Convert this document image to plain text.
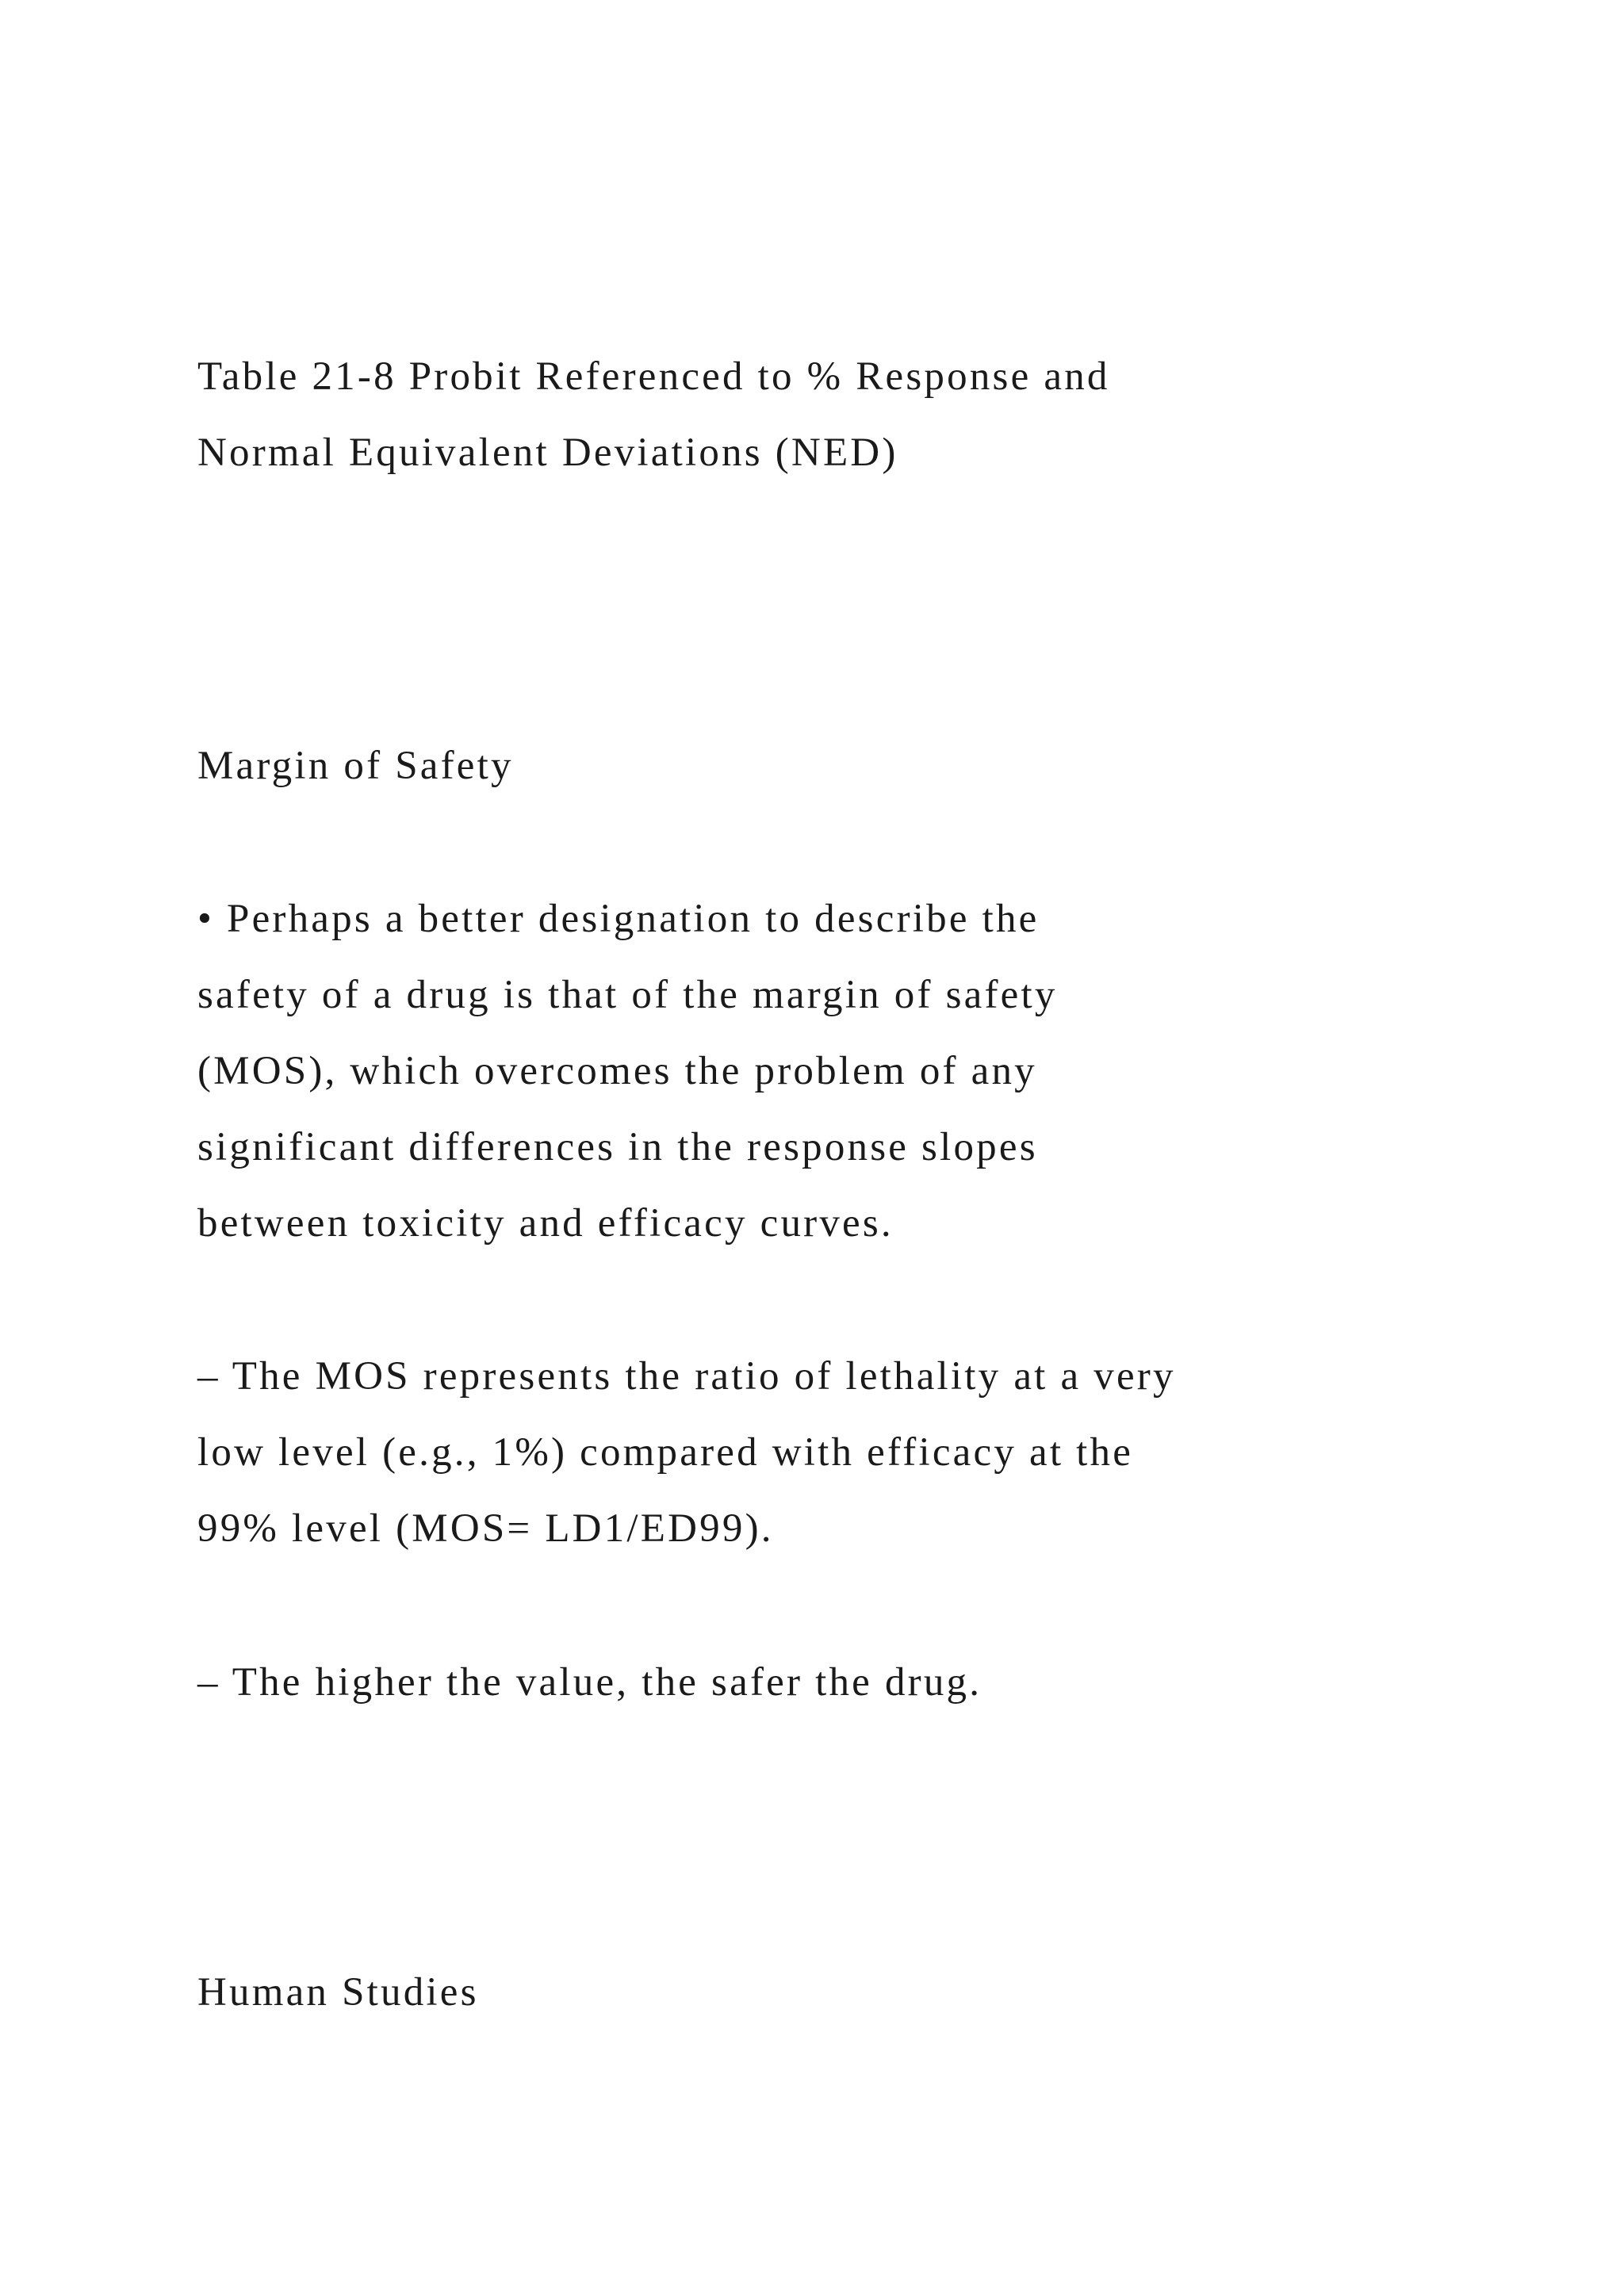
Table 21-8 Probit Referenced to % Response and

Normal Equivalent Deviations (NED)

Margin of Safety

• Perhaps a better designation to describe the

safety of a drug is that of the margin of safety

(MOS), which overcomes the problem of any

significant differences in the response slopes

between toxicity and efficacy curves.

– The MOS represents the ratio of lethality at a very

low level (e.g., 1%) compared with efficacy at the

99% level (MOS= LD1/ED99).

– The higher the value, the safer the drug.

Human Studies
